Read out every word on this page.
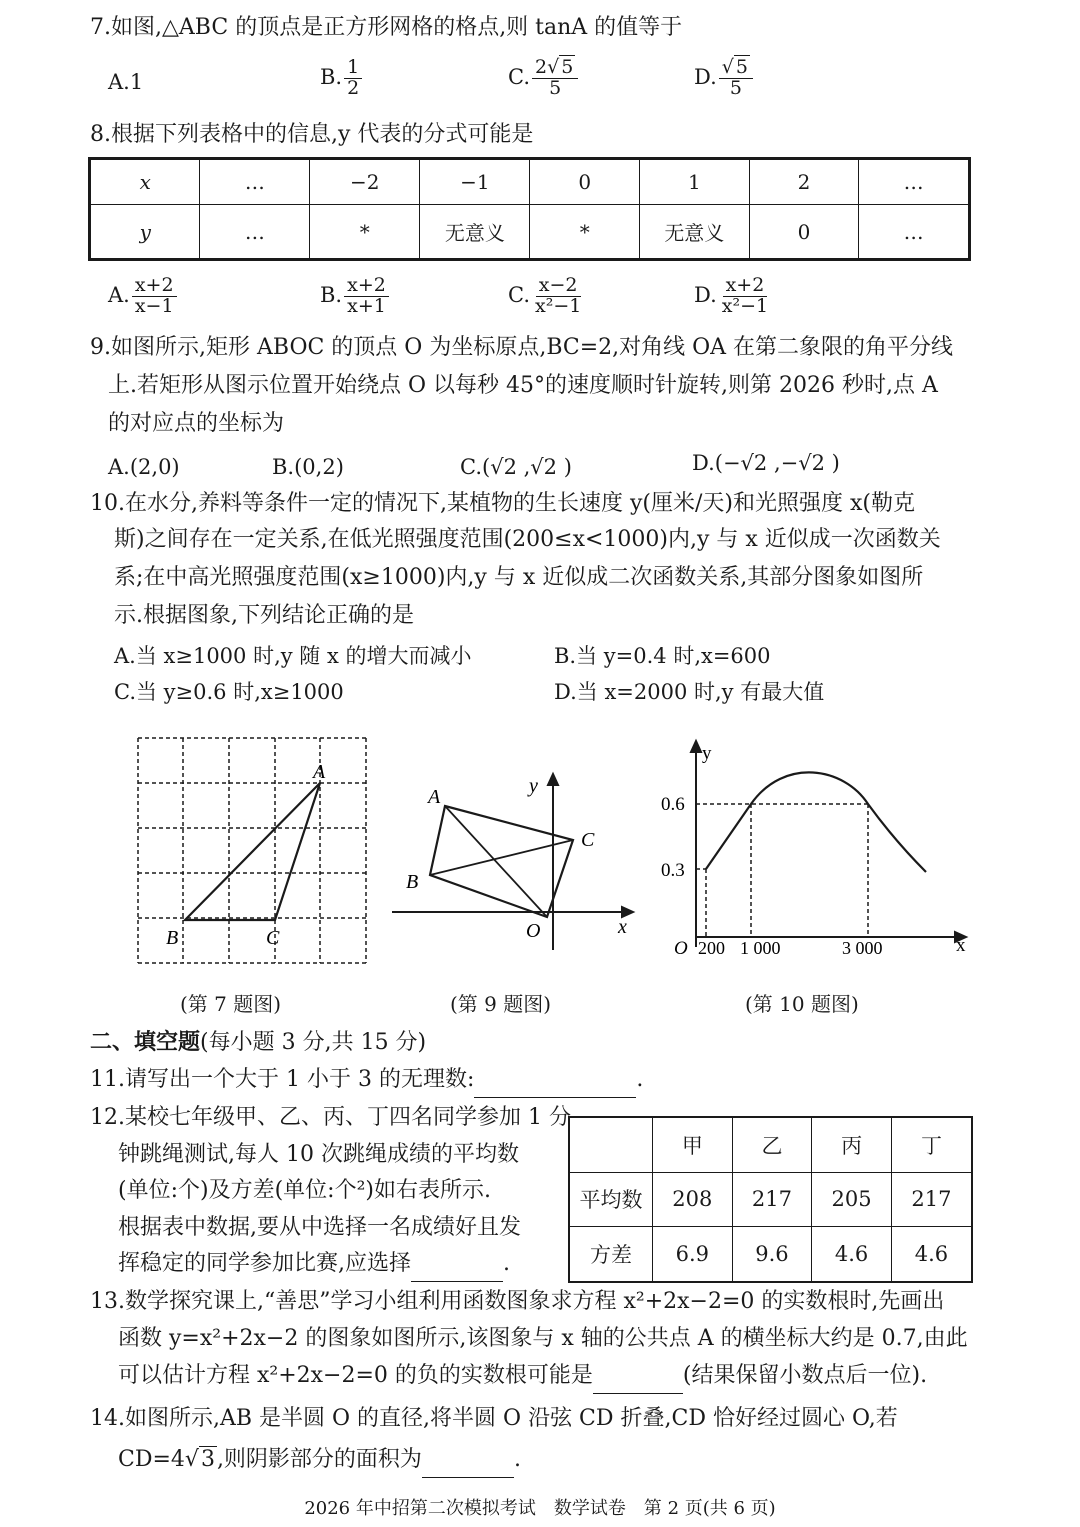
7.如图,△ABC 的顶点是正方形网格的格点,则 tanA 的值等于
A.1	B. $\frac{1}{2}$	C. $\frac{2√ 5}{5}$	D. $\frac{√ 5}{5}$
8.根据下列表格中的信息,y 代表的分式可能是
x	…	−2	−1	0	1	2	…
y	…	*	无意义	*	无意义	0	…
A. $\frac{x+2}{x-1}$	B. $\frac{x+2}{x+1}$	C. $\frac{x-2}{\text{x²−1}}$	D. $\frac{x+2}{\text{x²−1}}$
9.如图所示,矩形 ABOC 的顶点 O 为坐标原点,BC=2,对角线 OA 在第二象限的角平分线
上.若矩形从图示位置开始绕点 O 以每秒 45°的速度顺时针旋转,则第 2026 秒时,点 A
的对应点的坐标为
A.(2,0)	B.(0,2)	C.(√2 ,√2 )	D.(−√2 ,−√2 )
10.在水分,养料等条件一定的情况下,某植物的生长速度 y(厘米/天)和光照强度 x(勒克
斯)之间存在一定关系,在低光照强度范围(200≤x<1000)内,y 与 x 近似成一次函数关
系;在中高光照强度范围(x≥1000)内,y 与 x 近似成二次函数关系,其部分图象如图所
示.根据图象,下列结论正确的是
A.当 x≥1000 时,y 随 x 的增大而减小	B.当 y=0.4 时,x=600
C.当 y≥0.6 时,x≥1000	D.当 x=2000 时,y 有最大值
A
B	C
(第 7 题图)
A
B
C
O	x
y
(第 9 题图)
0.6
0.3
O 200 1 000	3 000	x
y
(第 10 题图)
二、填空题(每小题 3 分,共 15 分)
11.请写出一个大于 1 小于 3 的无理数:	.
12.某校七年级甲、乙、丙、丁四名同学参加 1 分
钟跳绳测试,每人 10 次跳绳成绩的平均数
(单位:个)及方差(单位:个²)如右表所示.
根据表中数据,要从中选择一名成绩好且发
挥稳定的同学参加比赛,应选择	.
	甲	乙	丙	丁
平均数	208	217	205	217
方差	6.9	9.6	4.6	4.6
13.数学探究课上,“善思”学习小组利用函数图象求方程 x²+2x−2=0 的实数根时,先画出
函数 y=x²+2x−2 的图象如图所示,该图象与 x 轴的公共点 A 的横坐标大约是 0.7,由此
可以估计方程 x²+2x−2=0 的负的实数根可能是	(结果保留小数点后一位).
14.如图所示,AB 是半圆 O 的直径,将半圆 O 沿弦 CD 折叠,CD 恰好经过圆心 O,若
CD=4√3,则阴影部分的面积为	.
2026 年中招第二次模拟考试　数学试卷　第 2 页(共 6 页)
